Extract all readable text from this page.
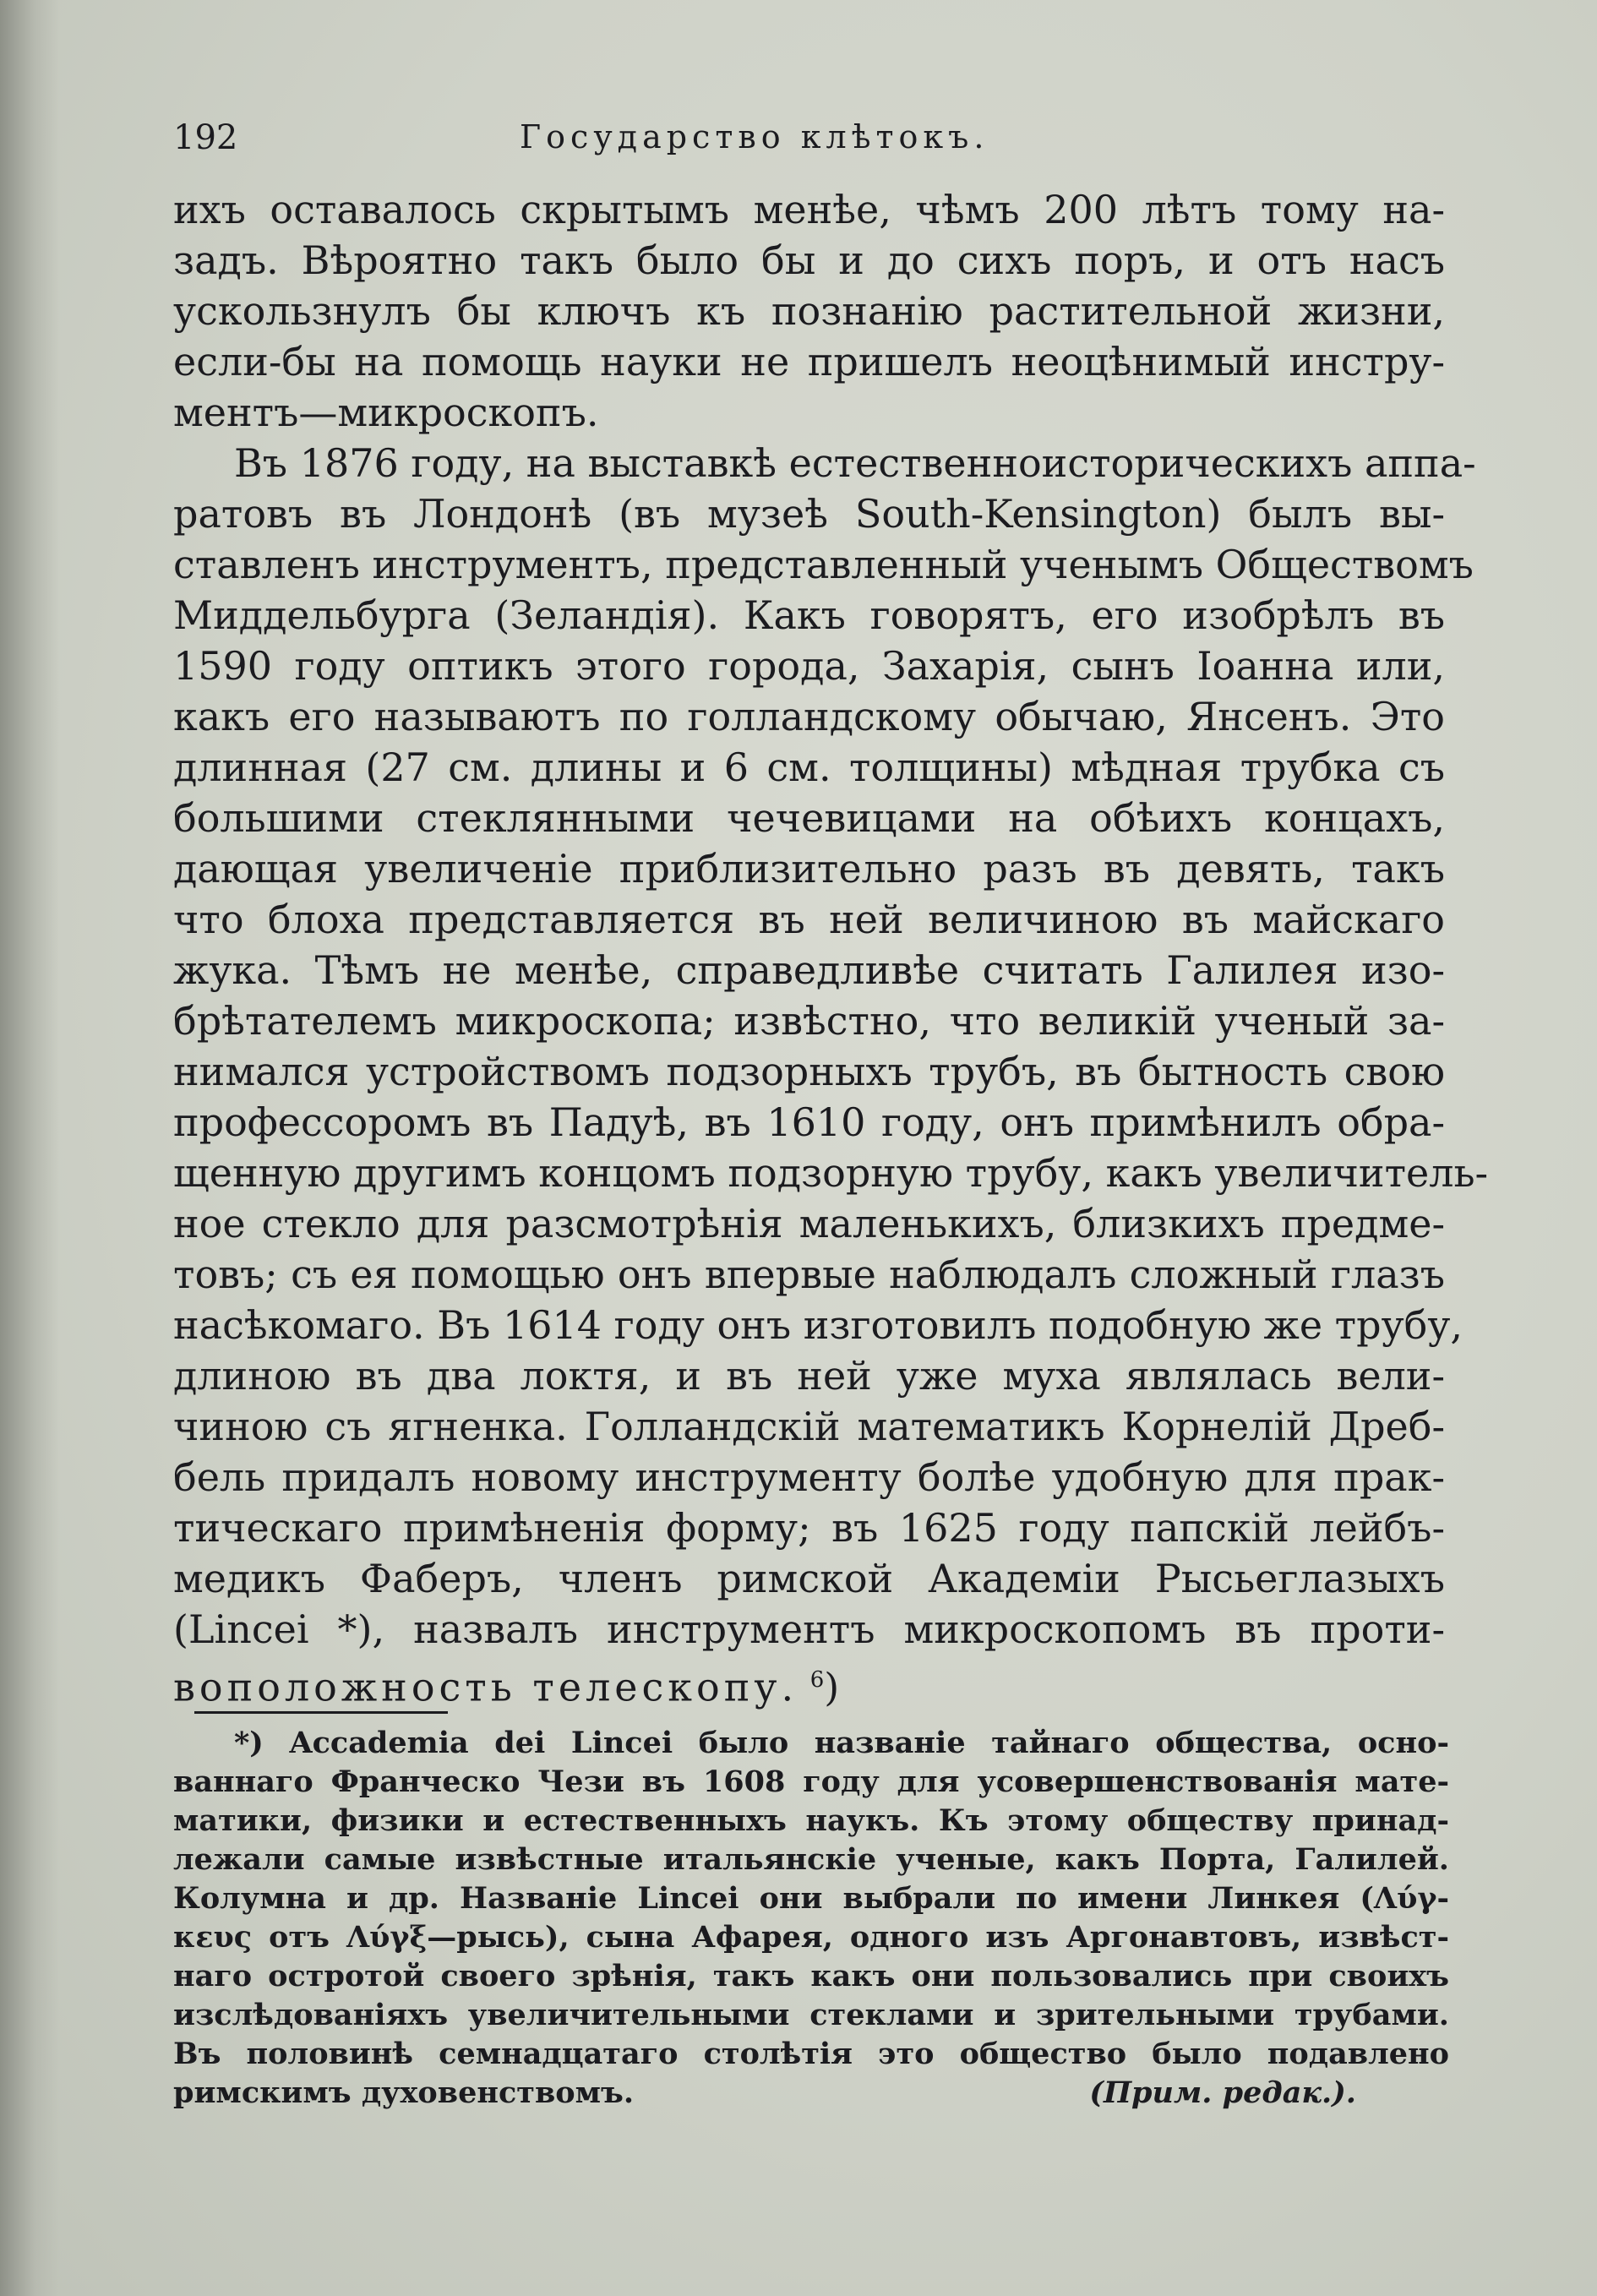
192	Государство клѣтокъ.
ихъ оставалось скрытымъ менѣе, чѣмъ 200 лѣтъ тому на-
задъ. Вѣроятно такъ было бы и до сихъ поръ, и отъ насъ
ускользнулъ бы ключъ къ познанію растительной жизни,
если-бы на помощь науки не пришелъ неоцѣнимый инстру-
ментъ—микроскопъ.
Въ 1876 году, на выставкѣ естественноисторическихъ аппа-
ратовъ въ Лондонѣ (въ музеѣ South-Kensington) былъ вы-
ставленъ инструментъ, представленный ученымъ Обществомъ
Миддельбурга (Зеландія). Какъ говорятъ, его изобрѣлъ въ
1590 году оптикъ этого города, Захарія, сынъ Іоанна или,
какъ его называютъ по голландскому обычаю, Янсенъ. Это
длинная (27 см. длины и 6 см. толщины) мѣдная трубка съ
большими стеклянными чечевицами на обѣихъ концахъ,
дающая увеличеніе приблизительно разъ въ девять, такъ
что блоха представляется въ ней величиною въ майскаго
жука. Тѣмъ не менѣе, справедливѣе считать Галилея изо-
брѣтателемъ микроскопа; извѣстно, что великій ученый за-
нимался устройствомъ подзорныхъ трубъ, въ бытность свою
профессоромъ въ Падуѣ, въ 1610 году, онъ примѣнилъ обра-
щенную другимъ концомъ подзорную трубу, какъ увеличитель-
ное стекло для разсмотрѣнія маленькихъ, близкихъ предме-
товъ; съ ея помощью онъ впервые наблюдалъ сложный глазъ
насѣкомаго. Въ 1614 году онъ изготовилъ подобную же трубу,
длиною въ два локтя, и въ ней уже муха являлась вели-
чиною съ ягненка. Голландскій математикъ Корнелій Дреб-
бель придалъ новому инструменту болѣе удобную для прак-
тическаго примѣненія форму; въ 1625 году папскій лейбъ-
медикъ Фаберъ, членъ римской Академіи Рысьеглазыхъ
(Lincei *), назвалъ инструментъ микроскопомъ въ проти-
воположность телескопу. $^6$)
*) Accademia dei Lincei было названіе тайнаго общества, осно-
ваннаго Франческо Чези въ 1608 году для усовершенствованія мате-
матики, физики и естественныхъ наукъ. Къ этому обществу принад-
лежали самые извѣстные итальянскіе ученые, какъ Порта, Галилей.
Колумна и др. Названіе Lincei они выбрали по имени Линкея (Λύγ-
κευς отъ Λύγξ—рысь), сына Афарея, одного изъ Аргонавтовъ, извѣст-
наго остротой своего зрѣнія, такъ какъ они пользовались при своихъ
изслѣдованіяхъ увеличительными стеклами и зрительными трубами.
Въ половинѣ семнадцатаго столѣтія это общество было подавлено
римскимъ духовенствомъ.	(Прим. редак.).
